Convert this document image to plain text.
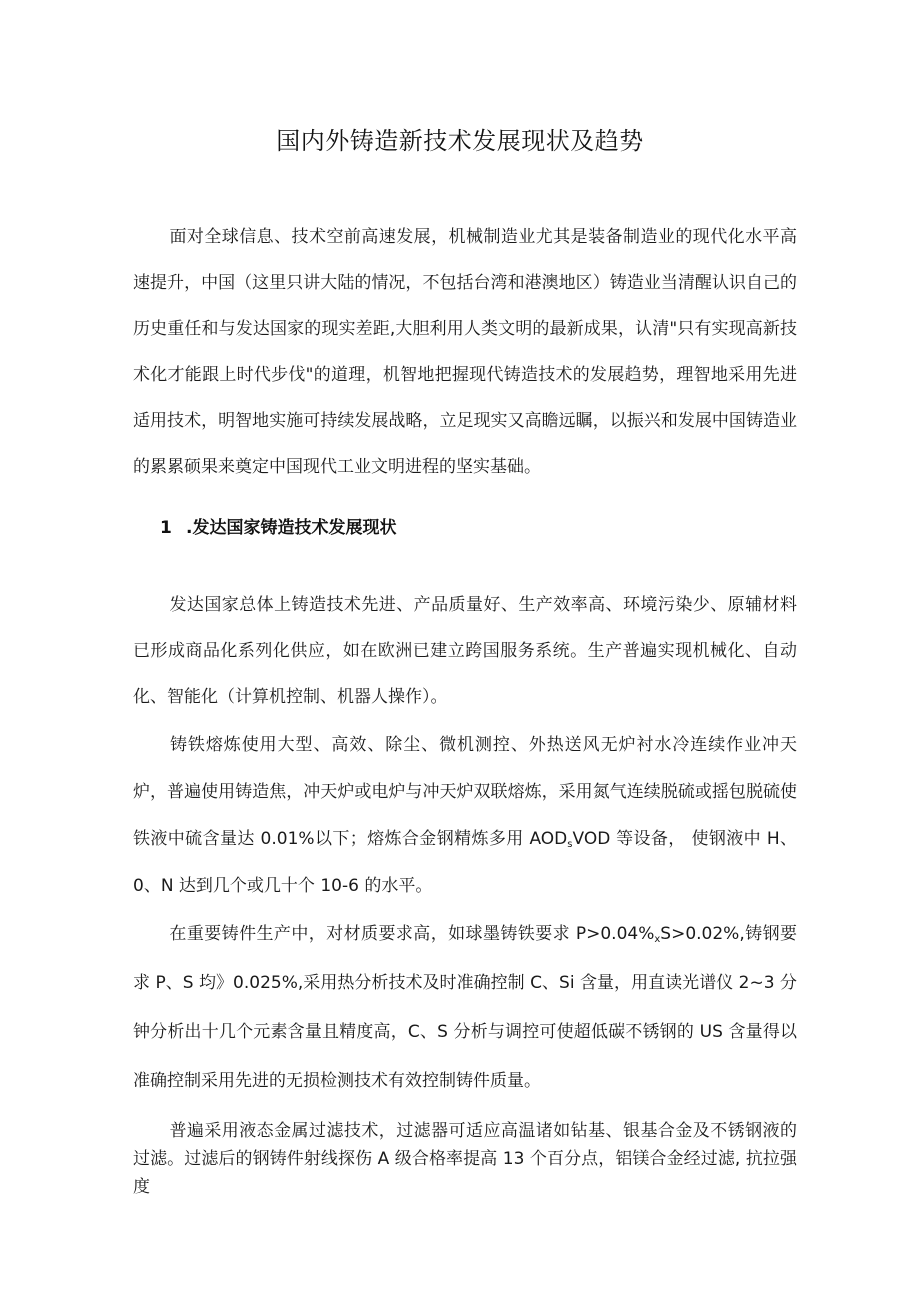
国内外铸造新技术发展现状及趋势

面对全球信息、技术空前高速发展，机械制造业尤其是装备制造业的现代化水平高速提升，中国（这里只讲大陆的情况，不包括台湾和港澳地区）铸造业当清醒认识自己的历史重任和与发达国家的现实差距,大胆利用人类文明的最新成果，认清"只有实现高新技术化才能跟上时代步伐"的道理，机智地把握现代铸造技术的发展趋势，理智地采用先进适用技术，明智地实施可持续发展战略，立足现实又高瞻远瞩，以振兴和发展中国铸造业的累累硕果来奠定中国现代工业文明进程的坚实基础。

1 .发达国家铸造技术发展现状

发达国家总体上铸造技术先进、产品质量好、生产效率高、环境污染少、原辅材料已形成商品化系列化供应，如在欧洲已建立跨国服务系统。生产普遍实现机械化、自动化、智能化（计算机控制、机器人操作）。

铸铁熔炼使用大型、高效、除尘、微机测控、外热送风无炉衬水冷连续作业冲天炉，普遍使用铸造焦，冲天炉或电炉与冲天炉双联熔炼，采用氮气连续脱硫或摇包脱硫使铁液中硫含量达 0.01%以下；熔炼合金钢精炼多用 $AOD_sVOD$ 等设备， 使钢液中 H、0、N 达到几个或几十个 10-6 的水平。

在重要铸件生产中，对材质要求高，如球墨铸铁要求 $P>0.04\%_xS>0.02\%$,铸钢要求 P、S 均》0.025%,采用热分析技术及时准确控制 C、Si 含量，用直读光谱仪 2~3 分钟分析出十几个元素含量且精度高，C、S 分析与调控可使超低碳不锈钢的 US 含量得以准确控制采用先进的无损检测技术有效控制铸件质量。

普遍采用液态金属过滤技术，过滤器可适应高温诸如钻基、银基合金及不锈钢液的过滤。过滤后的钢铸件射线探伤 A 级合格率提高 13 个百分点，铝镁合金经过滤, 抗拉强度
